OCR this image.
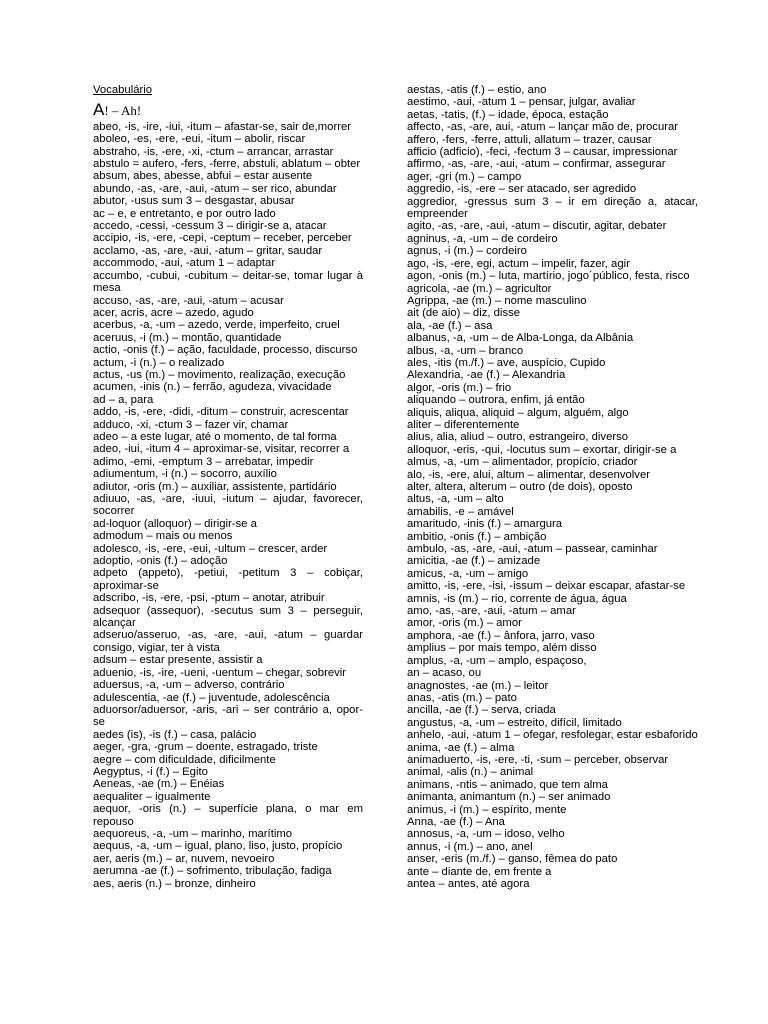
Vocabulário
A! – Ah!
abeo, -is, -ire, -iui, -itum – afastar-se, sair de,morrer
aboleo, -es, -ere, -eui, -itum – abolir, riscar
abstraho, -is, -ere, -xi, -ctum – arrancar, arrastar
abstulo = aufero, -fers, -ferre, abstuli, ablatum – obter
absum, abes, abesse, abfui – estar ausente
abundo, -as, -are, -aui, -atum – ser rico, abundar
abutor, -usus sum 3 – desgastar, abusar
ac – e, e entretanto, e por outro lado
accedo, -cessi, -cessum 3 – dirigir-se a, atacar
accipio, -is, -ere, -cepi, -ceptum – receber, perceber
acclamo, -as, -are, -aui, -atum – gritar, saudar
accommodo, -aui, -atum 1 – adaptar
accumbo, -cubui, -cubitum – deitar-se, tomar lugar à mesa
accuso, -as, -are, -aui, -atum – acusar
acer, acris, acre – azedo, agudo
acerbus, -a, -um – azedo, verde, imperfeito, cruel
aceruus, -i (m.) – montão, quantidade
actio, -onis (f.) – ação, faculdade, processo, discurso
actum, -i (n.) – o realizado
actus, -us (m.) – movimento, realização, execução
acumen, -inis (n.) – ferrão, agudeza, vivacidade
ad – a, para
addo, -is, -ere, -didi, -ditum – construir, acrescentar
adduco, -xi, -ctum 3 – fazer vir, chamar
adeo – a este lugar, até o momento, de tal forma
adeo, -iui, -itum 4 – aproximar-se, visitar, recorrer a
adimo, -emi, -emptum 3 – arrebatar, impedir
adiumentum, -i (n.) – socorro, auxílio
adiutor, -oris (m.) – auxiliar, assistente, partidário
adiuuo, -as, -are, -iuui, -iutum – ajudar, favorecer, socorrer
ad-loquor (alloquor) – dirigir-se a
admodum – mais ou menos
adolesco, -is, -ere, -eui, -ultum – crescer, arder
adoptio, -onis (f.) – adoção
adpeto (appeto), -petiui, -petitum 3 – cobiçar, aproximar-se
adscribo, -is, -ere, -psi, -ptum – anotar, atribuir
adsequor (assequor), -secutus sum 3 – perseguir, alcançar
adseruo/asseruo, -as, -are, -aui, -atum – guardar consigo, vigiar, ter à vista
adsum – estar presente, assistir a
aduenio, -is, -ire, -ueni, -uentum – chegar, sobrevir
aduersus, -a, -um – adverso, contrário
adulescentia, -ae (f.) – juventude, adolescência
aduorsor/aduersor, -aris, -ari – ser contrário a, opor-se
aedes (is), -is (f.) – casa, palácio
aeger, -gra, -grum – doente, estragado, triste
aegre – com dificuldade, dificilmente
Aegyptus, -i (f.) – Egito
Aeneas, -ae (m.) – Enéias
aequaliter – igualmente
aequor, -oris (n.) – superfície plana, o mar em repouso
aequoreus, -a, -um – marinho, marítimo
aequus, -a, -um – igual, plano, liso, justo, propício
aer, aeris (m.) – ar, nuvem, nevoeiro
aerumna -ae (f.) – sofrimento, tribulação, fadiga
aes, aeris (n.) – bronze, dinheiro
aestas, -atis (f.) – estio, ano
aestimo, -aui, -atum 1 – pensar, julgar, avaliar
aetas, -tatis, (f.) – idade, época, estação
affecto, -as, -are, aui, -atum – lançar mão de, procurar
affero, -fers, -ferre, attuli, allatum – trazer, causar
afficio (adficio), -feci, -fectum 3 – causar, impressionar
affirmo, -as, -are, -aui, -atum – confirmar, assegurar
ager, -gri (m.) – campo
aggredio, -is, -ere – ser atacado, ser agredido
aggredior, -gressus sum 3 – ir em direção a, atacar, empreender
agito, -as, -are, -aui, -atum – discutir, agitar, debater
agninus, -a, -um – de cordeiro
agnus, -i (m.) – cordeiro
ago, -is, -ere, egi, actum – impelir, fazer, agir
agon, -onis (m.) – luta, martírio, jogo´público, festa, risco
agricola, -ae (m.) – agricultor
Agrippa, -ae (m.) – nome masculino
ait (de aio) – diz, disse
ala, -ae (f.) – asa
albanus, -a, -um – de Alba-Longa, da Albânia
albus, -a, -um – branco
ales, -itis (m./f.) – ave, auspício, Cupido
Alexandria, -ae (f.) – Alexandria
algor, -oris (m.) – frio
aliquando – outrora, enfim, já então
aliquis, aliqua, aliquid – algum, alguém, algo
aliter – diferentemente
alius, alia, aliud – outro, estrangeiro, diverso
alloquor, -eris, -qui, -locutus sum – exortar, dirigir-se a
almus, -a, -um – alimentador, propício, criador
alo, -is, -ere, alui, altum – alimentar, desenvolver
alter, altera, alterum – outro (de dois), oposto
altus, -a, -um – alto
amabilis, -e – amável
amaritudo, -inis (f.) – amargura
ambitio, -onis (f.) – ambição
ambulo, -as, -are, -aui, -atum – passear, caminhar
amicitia, -ae (f.) – amizade
amicus, -a, -um – amigo
amitto, -is, -ere, -isi, -issum – deixar escapar, afastar-se
amnis, -is (m.) – rio, corrente de água, água
amo, -as, -are, -aui, -atum – amar
amor, -oris (m.) – amor
amphora, -ae (f.) – ânfora, jarro, vaso
amplius – por mais tempo, além disso
amplus, -a, -um – amplo, espaçoso,
an – acaso, ou
anagnostes, -ae (m.) – leitor
anas, -atis (m.) – pato
ancilla, -ae (f.) – serva, criada
angustus, -a, -um – estreito, difícil, limitado
anhelo, -aui, -atum 1 – ofegar, resfolegar, estar esbaforido
anima, -ae (f.) – alma
animaduerto, -is, -ere, -ti, -sum – perceber, observar
animal, -alis (n.) – animal
animans, -ntis – animado, que tem alma
animanta, animantum (n.) – ser animado
animus, -i (m.) – espírito, mente
Anna, -ae (f.) – Ana
annosus, -a, -um – idoso, velho
annus, -i (m.) – ano, anel
anser, -eris (m./f.) – ganso, fêmea do pato
ante – diante de, em frente a
antea – antes, até agora
